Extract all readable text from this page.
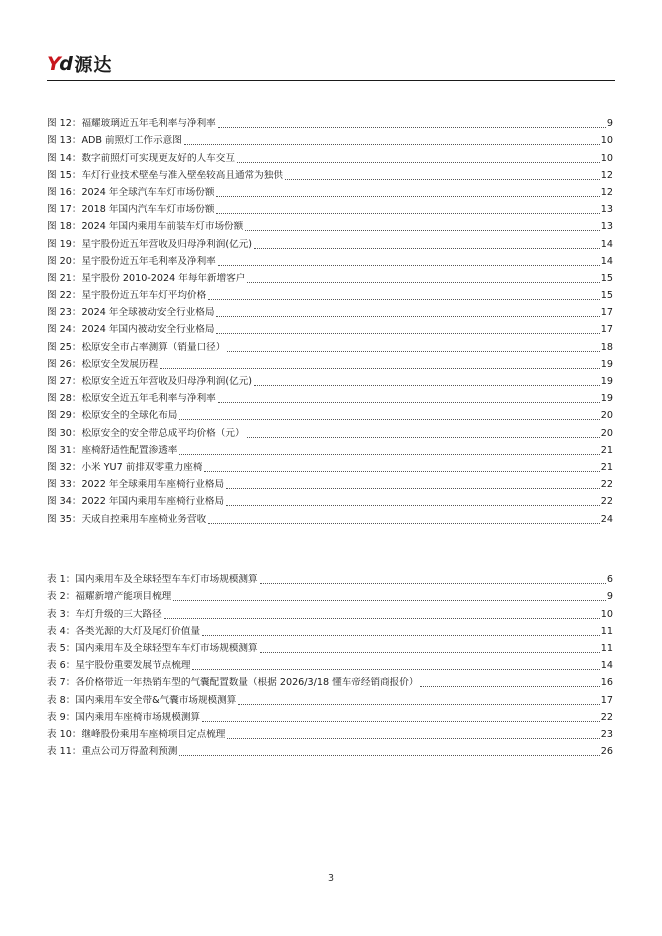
Yd 源达
图 12： 福耀玻璃近五年毛利率与净利率	9
图 13： ADB 前照灯工作示意图	10
图 14： 数字前照灯可实现更友好的人车交互	10
图 15： 车灯行业技术壁垒与准入壁垒较高且通常为独供	12
图 16： 2024 年全球汽车车灯市场份额	12
图 17： 2018 年国内汽车车灯市场份额	13
图 18： 2024 年国内乘用车前装车灯市场份额	13
图 19： 星宇股份近五年营收及归母净利润(亿元)	14
图 20： 星宇股份近五年毛利率及净利率	14
图 21： 星宇股份 2010-2024 年每年新增客户	15
图 22： 星宇股份近五年车灯平均价格	15
图 23： 2024 年全球被动安全行业格局	17
图 24： 2024 年国内被动安全行业格局	17
图 25： 松原安全市占率测算（销量口径）	18
图 26： 松原安全发展历程	19
图 27： 松原安全近五年营收及归母净利润(亿元)	19
图 28： 松原安全近五年毛利率与净利率	19
图 29： 松原安全的全球化布局	20
图 30： 松原安全的安全带总成平均价格（元）	20
图 31： 座椅舒适性配置渗透率	21
图 32： 小米 YU7 前排双零重力座椅	21
图 33： 2022 年全球乘用车座椅行业格局	22
图 34： 2022 年国内乘用车座椅行业格局	22
图 35： 天成自控乘用车座椅业务营收	24
表 1： 国内乘用车及全球轻型车车灯市场规模测算	6
表 2： 福耀新增产能项目梳理	9
表 3： 车灯升级的三大路径	10
表 4： 各类光源的大灯及尾灯价值量	11
表 5： 国内乘用车及全球轻型车车灯市场规模测算	11
表 6： 星宇股份重要发展节点梳理	14
表 7： 各价格带近一年热销车型的气囊配置数量（根据 2026/3/18 懂车帝经销商报价）	16
表 8： 国内乘用车安全带&气囊市场规模测算	17
表 9： 国内乘用车座椅市场规模测算	22
表 10： 继峰股份乘用车座椅项目定点梳理	23
表 11： 重点公司万得盈利预测	26
3
